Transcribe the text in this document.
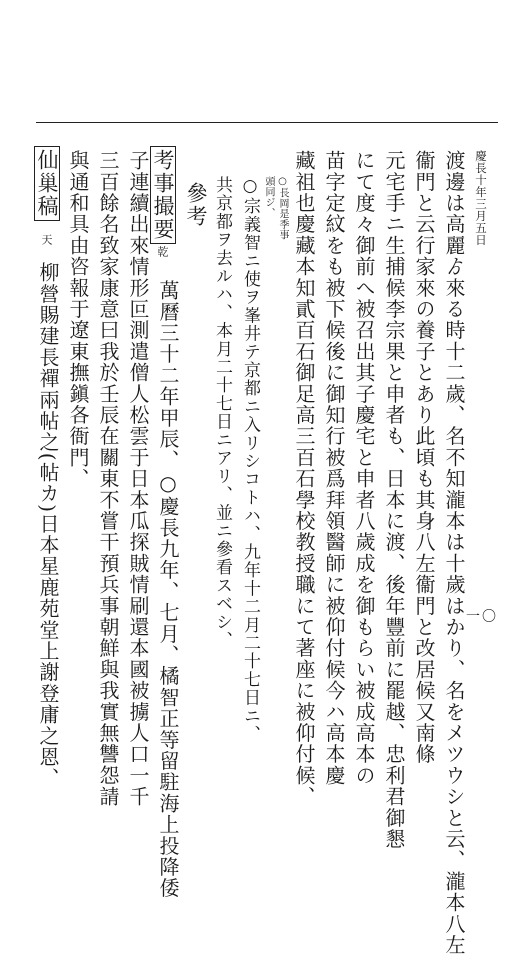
慶長十年三月五日
一〇
渡邊は高麗ゟ來る時十二歲、名不知瀧本は十歲はかり、名をメツウシと云、瀧本八左
衞門と云行家來の養子とあり此頃も其身八左衞門と改居候又南條
元宅手ニ生捕候李宗果と申者も、日本に渡、後年豐前に罷越、忠利君御懇
にて度々御前へ被召出其子慶宅と申者八歲成を御もらい被成高本の
苗字定紋をも被下候後に御知行被爲拜領醫師に被仰付候今ハ高本慶
藏祖也慶藏本知貳百石御足高三百石學校教授職にて著座に被仰付候、
○長岡是季事
頭同ジ、
○宗義智ニ使ヲ峯井テ京都ニ入リシコトハ、九年十二月二十七日ニ、
共京都ヲ去ルハ、本月二十七日ニアリ、並ニ參看スベシ、
參考
考事撮要
乾
萬曆三十二年甲辰、○慶長九年、七月、橘智正等留駐海上投降倭
子連續出來情形叵測遣僧人松雲于日本瓜探賊情刷還本國被擄人口一千
三百餘名致家康意曰我於壬辰在關東不嘗干預兵事朝鮮與我實無讐怨請
與通和具由咨報于遼東撫鎭各衙門、
仙巢稿
天
柳營賜建長禪兩帖之(帖カ)日本星鹿苑堂上謝登庸之恩、
